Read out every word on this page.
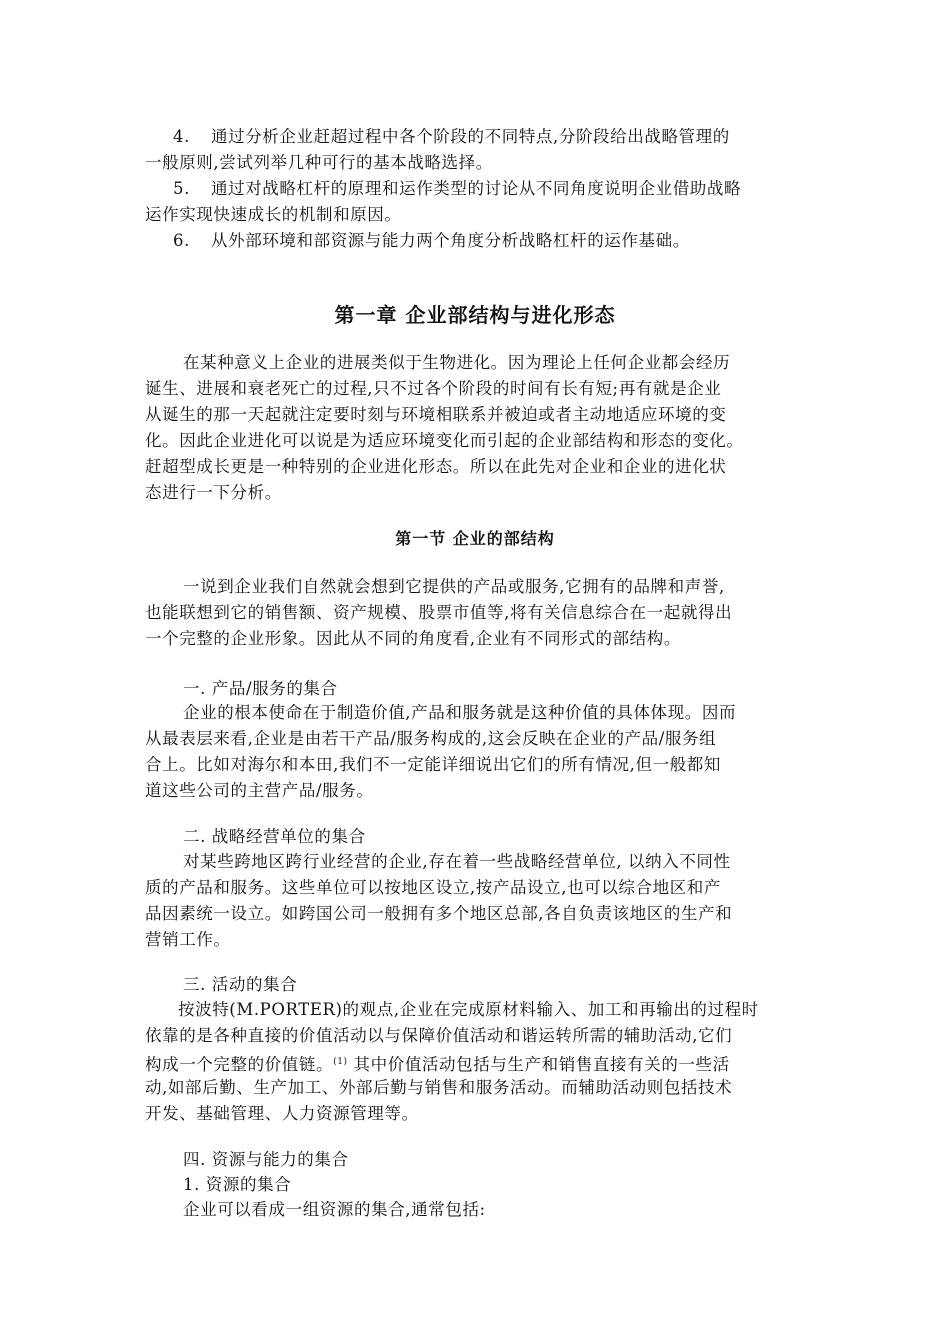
4. 通过分析企业赶超过程中各个阶段的不同特点,分阶段给出战略管理的
一般原则,尝试列举几种可行的基本战略选择。
5. 通过对战略杠杆的原理和运作类型的讨论从不同角度说明企业借助战略
运作实现快速成长的机制和原因。
6. 从外部环境和部资源与能力两个角度分析战略杠杆的运作基础。
第一章 企业部结构与进化形态
在某种意义上企业的进展类似于生物进化。因为理论上任何企业都会经历
诞生、进展和衰老死亡的过程,只不过各个阶段的时间有长有短;再有就是企业
从诞生的那一天起就注定要时刻与环境相联系并被迫或者主动地适应环境的变
化。因此企业进化可以说是为适应环境变化而引起的企业部结构和形态的变化。
赶超型成长更是一种特别的企业进化形态。所以在此先对企业和企业的进化状
态进行一下分析。
第一节 企业的部结构
一说到企业我们自然就会想到它提供的产品或服务,它拥有的品牌和声誉,
也能联想到它的销售额、资产规模、股票市值等,将有关信息综合在一起就得出
一个完整的企业形象。因此从不同的角度看,企业有不同形式的部结构。
一. 产品/服务的集合
企业的根本使命在于制造价值,产品和服务就是这种价值的具体体现。因而
从最表层来看,企业是由若干产品/服务构成的,这会反映在企业的产品/服务组
合上。比如对海尔和本田,我们不一定能详细说出它们的所有情况,但一般都知
道这些公司的主营产品/服务。
二. 战略经营单位的集合
对某些跨地区跨行业经营的企业,存在着一些战略经营单位, 以纳入不同性
质的产品和服务。这些单位可以按地区设立,按产品设立,也可以综合地区和产
品因素统一设立。如跨国公司一般拥有多个地区总部,各自负责该地区的生产和
营销工作。
三. 活动的集合
按波特(M.PORTER)的观点,企业在完成原材料输入、加工和再输出的过程时
依靠的是各种直接的价值活动以与保障价值活动和谐运转所需的辅助活动,它们
构成一个完整的价值链。$^{(1)}$ 其中价值活动包括与生产和销售直接有关的一些活
动,如部后勤、生产加工、外部后勤与销售和服务活动。而辅助活动则包括技术
开发、基础管理、人力资源管理等。
四. 资源与能力的集合
1. 资源的集合
企业可以看成一组资源的集合,通常包括:
